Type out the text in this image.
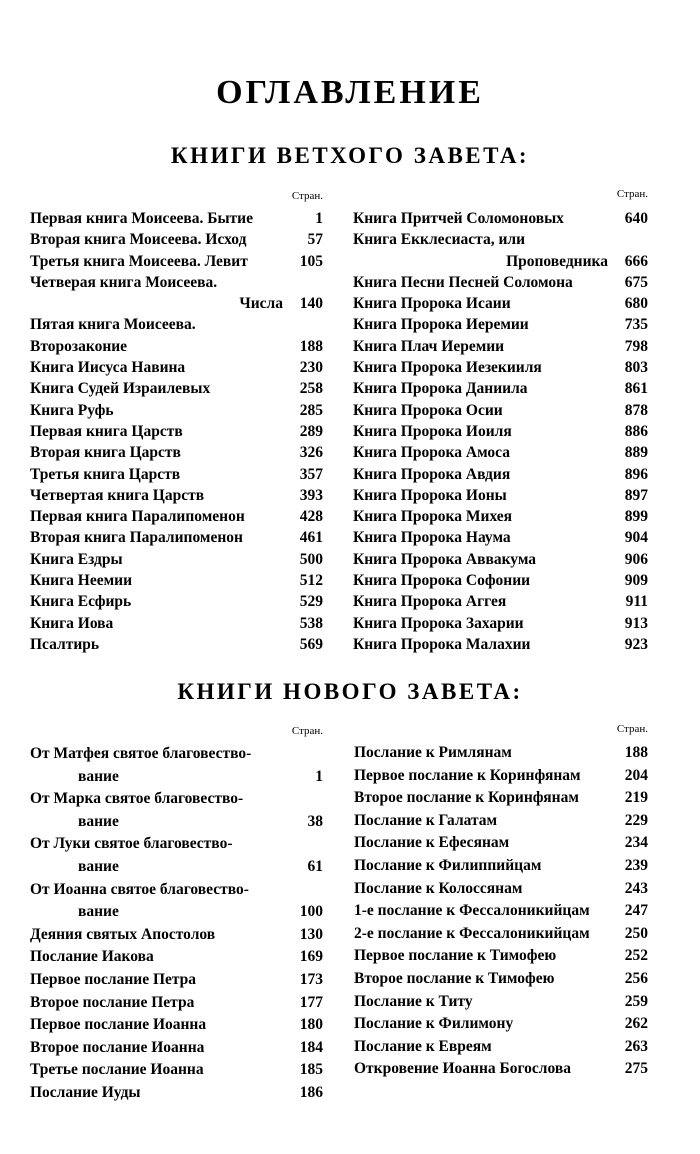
ОГЛАВЛЕНИЕ
КНИГИ ВЕТХОГО ЗАВЕТА:
Стран.
Первая книга Моисеева. Бытие	1
Вторая книга Моисеева. Исход	57
Третья книга Моисеева. Левит	105
Четверая книга Моисеева.
Числа 140
Пятая книга Моисеева.
Второзаконие	188
Книга Иисуса Навина	230
Книга Судей Израилевых	258
Книга Руфь	285
Первая книга Царств	289
Вторая книга Царств	326
Третья книга Царств	357
Четвертая книга Царств	393
Первая книга Паралипоменон	428
Вторая книга Паралипоменон	461
Книга Ездры	500
Книга Неемии	512
Книга Есфирь	529
Книга Иова	538
Псалтирь	569
Стран.
Книга Притчей Соломоновых	640
Книга Екклесиаста, или
Проповедника 666
Книга Песни Песней Соломона	675
Книга Пророка Исаии	680
Книга Пророка Иеремии	735
Книга Плач Иеремии	798
Книга Пророка Иезекииля	803
Книга Пророка Даниила	861
Книга Пророка Осии	878
Книга Пророка Иоиля	886
Книга Пророка Амоса	889
Книга Пророка Авдия	896
Книга Пророка Ионы	897
Книга Пророка Михея	899
Книга Пророка Наума	904
Книга Пророка Аввакума	906
Книга Пророка Софонии	909
Книга Пророка Аггея	911
Книга Пророка Захарии	913
Книга Пророка Малахии	923
КНИГИ НОВОГО ЗАВЕТА:
Стран.
От Матфея святое благовество-
вание	1
От Марка святое благовество-
вание	38
От Луки святое благовество-
вание	61
От Иоанна святое благовество-
вание	100
Деяния святых Апостолов	130
Послание Иакова	169
Первое послание Петра	173
Второе послание Петра	177
Первое послание Иоанна	180
Второе послание Иоанна	184
Третье послание Иоанна	185
Послание Иуды	186
Стран.
Послание к Римлянам	188
Первое послание к Коринфянам	204
Второе послание к Коринфянам	219
Послание к Галатам	229
Послание к Ефесянам	234
Послание к Филиппийцам	239
Послание к Колоссянам	243
1-е послание к Фессалоникийцам 247
2-е послание к Фессалоникийцам 250
Первое послание к Тимофею	252
Второе послание к Тимофею	256
Послание к Титу	259
Послание к Филимону	262
Послание к Евреям	263
Откровение Иоанна Богослова	275
